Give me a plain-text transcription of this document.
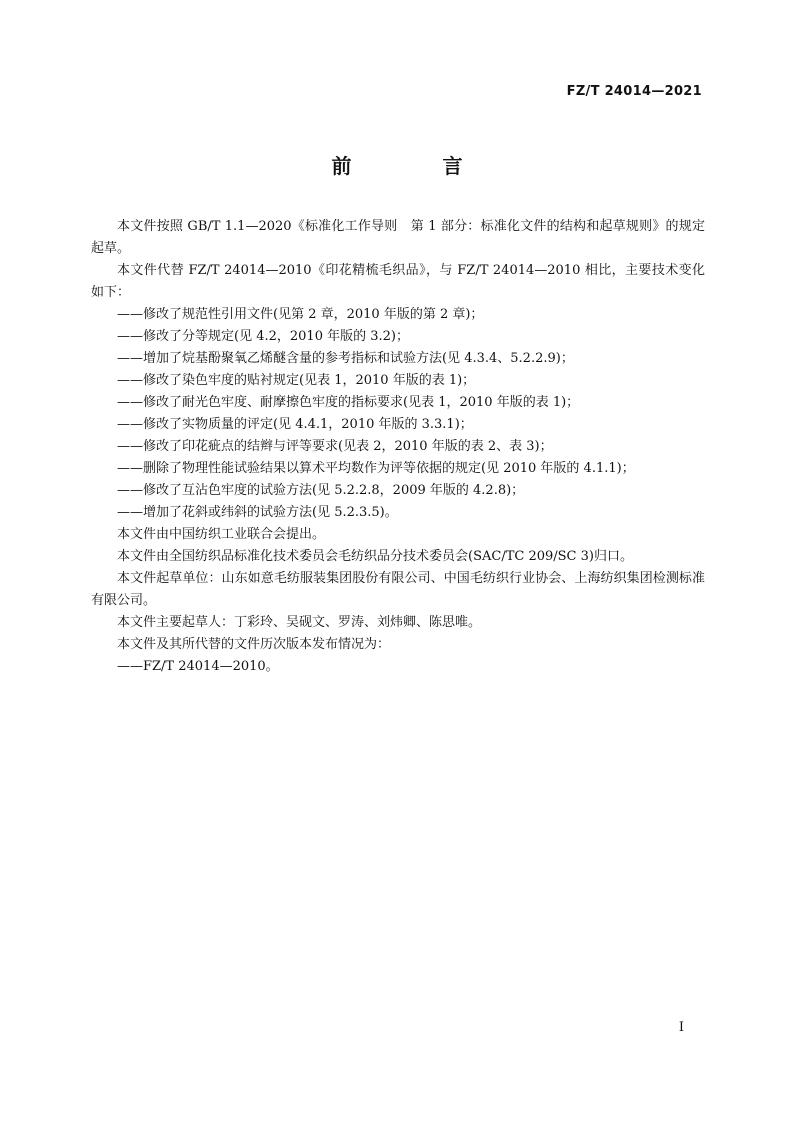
FZ/T 24014—2021
前 言

本文件按照 GB/T 1.1—2020《标准化工作导则　第 1 部分：标准化文件的结构和起草规则》的规定起草。

本文件代替 FZ/T 24014—2010《印花精梳毛织品》，与 FZ/T 24014—2010 相比，主要技术变化如下：

——修改了规范性引用文件(见第 2 章，2010 年版的第 2 章)；

——修改了分等规定(见 4.2，2010 年版的 3.2)；

——增加了烷基酚聚氧乙烯醚含量的参考指标和试验方法(见 4.3.4、5.2.2.9)；

——修改了染色牢度的贴衬规定(见表 1，2010 年版的表 1)；

——修改了耐光色牢度、耐摩擦色牢度的指标要求(见表 1，2010 年版的表 1)；

——修改了实物质量的评定(见 4.4.1，2010 年版的 3.3.1)；

——修改了印花疵点的结辫与评等要求(见表 2，2010 年版的表 2、表 3)；

——删除了物理性能试验结果以算术平均数作为评等依据的规定(见 2010 年版的 4.1.1)；

——修改了互沾色牢度的试验方法(见 5.2.2.8，2009 年版的 4.2.8)；

——增加了花斜或纬斜的试验方法(见 5.2.3.5)。

本文件由中国纺织工业联合会提出。

本文件由全国纺织品标准化技术委员会毛纺织品分技术委员会(SAC/TC 209/SC 3)归口。

本文件起草单位：山东如意毛纺服装集团股份有限公司、中国毛纺织行业协会、上海纺织集团检测标准有限公司。

本文件主要起草人：丁彩玲、吴砚文、罗涛、刘炜卿、陈思唯。

本文件及其所代替的文件历次版本发布情况为：

——FZ/T 24014—2010。

I
